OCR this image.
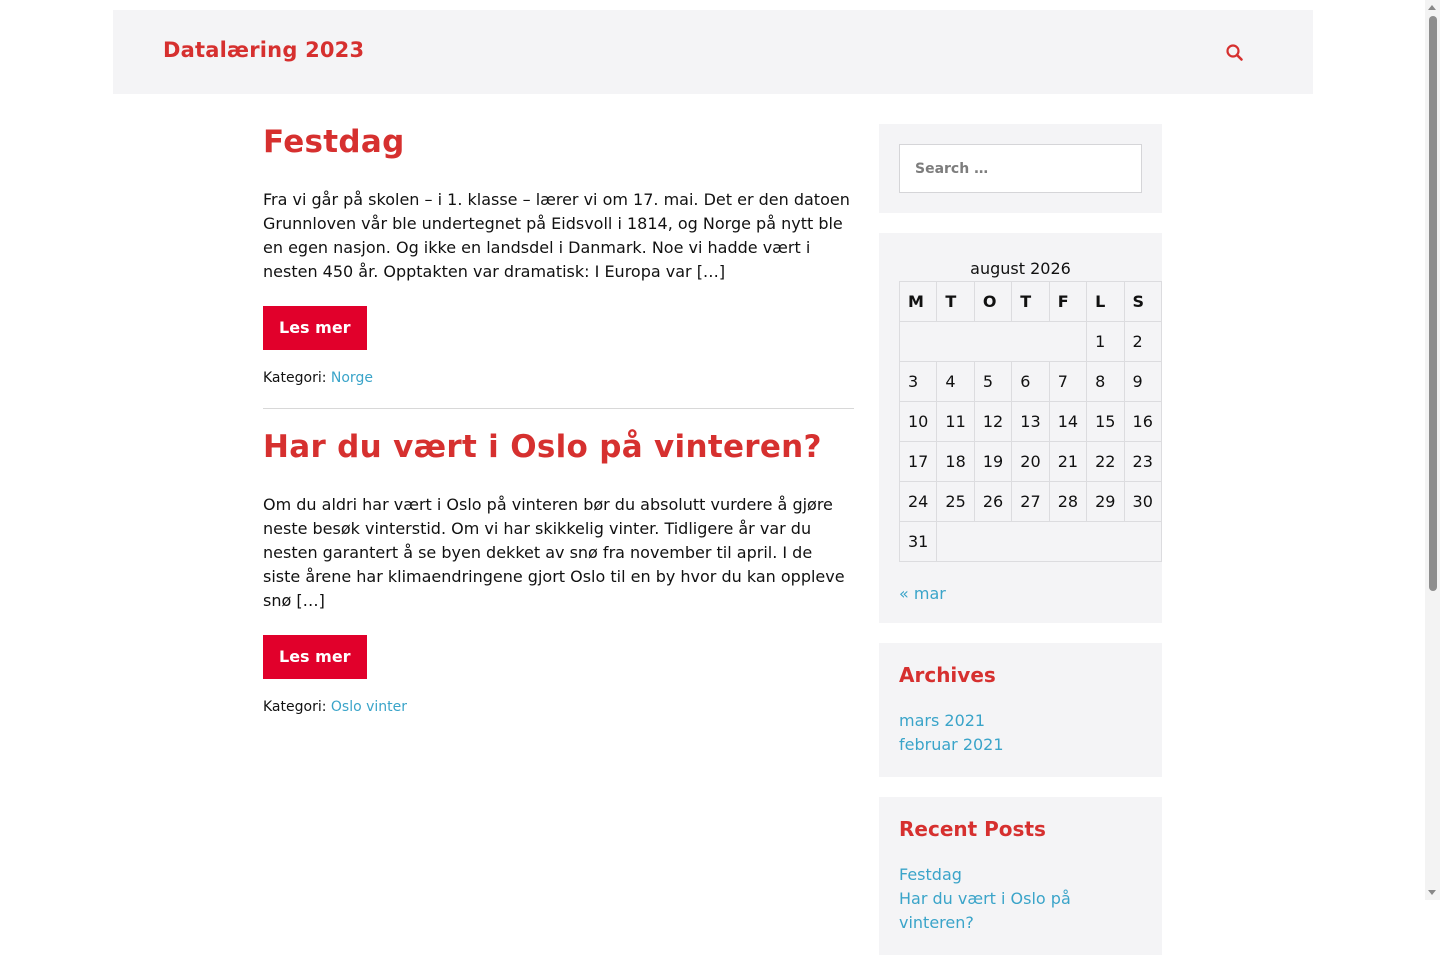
Datalæring 2023
Festdag

Fra vi går på skolen – i 1. klasse – lærer vi om 17. mai. Det er den datoen Grunnloven vår ble undertegnet på Eidsvoll i 1814, og Norge på nytt ble en egen nasjon. Og ikke en landsdel i Danmark. Noe vi hadde vært i nesten 450 år. Opptakten var dramatisk: I Europa var […]

Les mer
Kategori: Norge
Har du vært i Oslo på vinteren?

Om du aldri har vært i Oslo på vinteren bør du absolutt vurdere å gjøre neste besøk vinterstid. Om vi har skikkelig vinter. Tidligere år var du nesten garantert å se byen dekket av snø fra november til april. I de siste årene har klimaendringene gjort Oslo til en by hvor du kan oppleve snø […]

Les mer
Kategori: Oslo vinter
Search …
august 2026
M	T	O	T	F	L	S
					1	2
3	4	5	6	7	8	9
10	11	12	13	14	15	16
17	18	19	20	21	22	23
24	25	26	27	28	29	30
31						
« mar
Archives
mars 2021
februar 2021
Recent Posts
Festdag
Har du vært i Oslo på vinteren?
